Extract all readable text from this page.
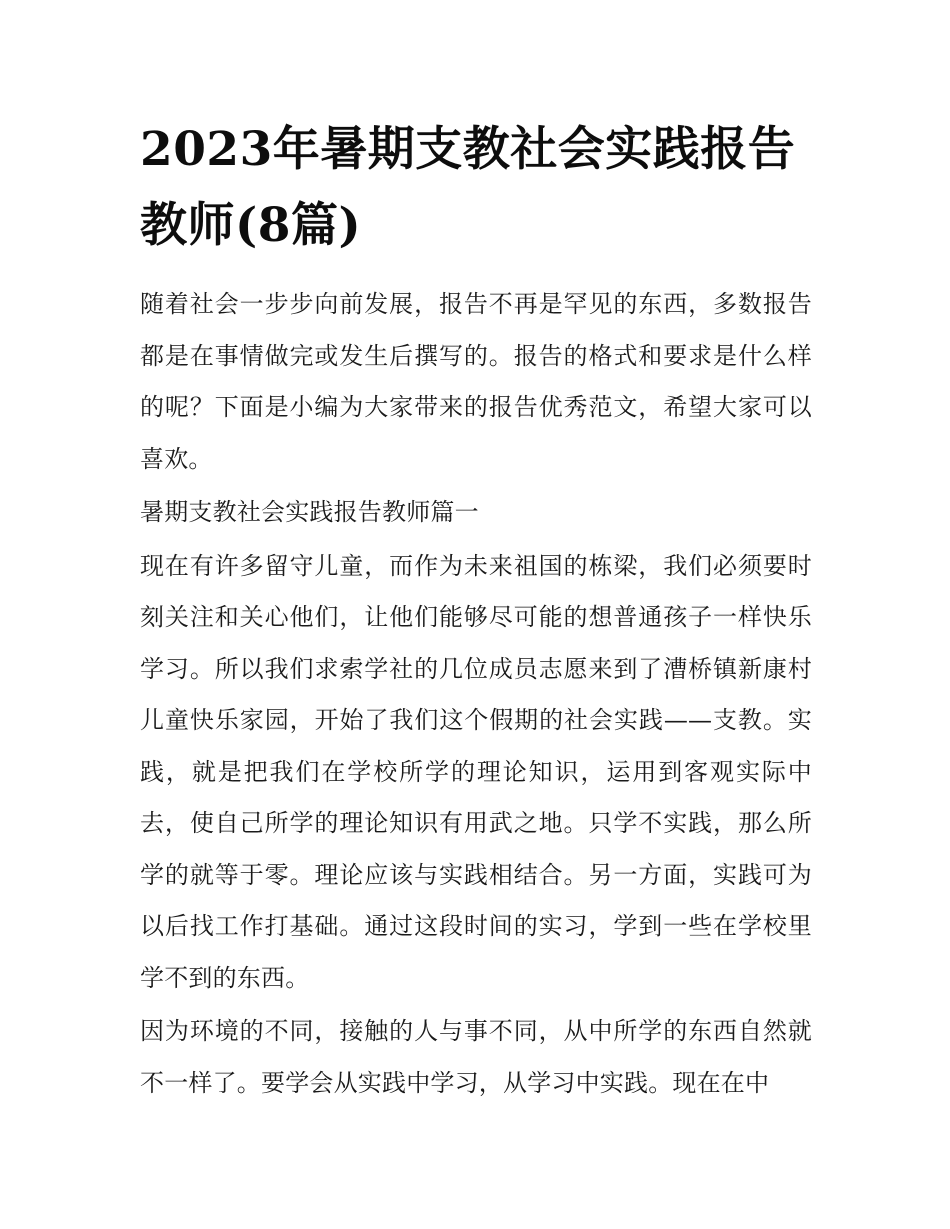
2023年暑期支教社会实践报告教师(8篇)

随着社会一步步向前发展，报告不再是罕见的东西，多数报告都是在事情做完或发生后撰写的。报告的格式和要求是什么样的呢？下面是小编为大家带来的报告优秀范文，希望大家可以喜欢。

暑期支教社会实践报告教师篇一

现在有许多留守儿童，而作为未来祖国的栋梁，我们必须要时刻关注和关心他们，让他们能够尽可能的想普通孩子一样快乐学习。所以我们求索学社的几位成员志愿来到了漕桥镇新康村儿童快乐家园，开始了我们这个假期的社会实践——支教。实践，就是把我们在学校所学的理论知识，运用到客观实际中去，使自己所学的理论知识有用武之地。只学不实践，那么所学的就等于零。理论应该与实践相结合。另一方面，实践可为以后找工作打基础。通过这段时间的实习，学到一些在学校里学不到的东西。

因为环境的不同，接触的人与事不同，从中所学的东西自然就不一样了。要学会从实践中学习，从学习中实践。现在在中
